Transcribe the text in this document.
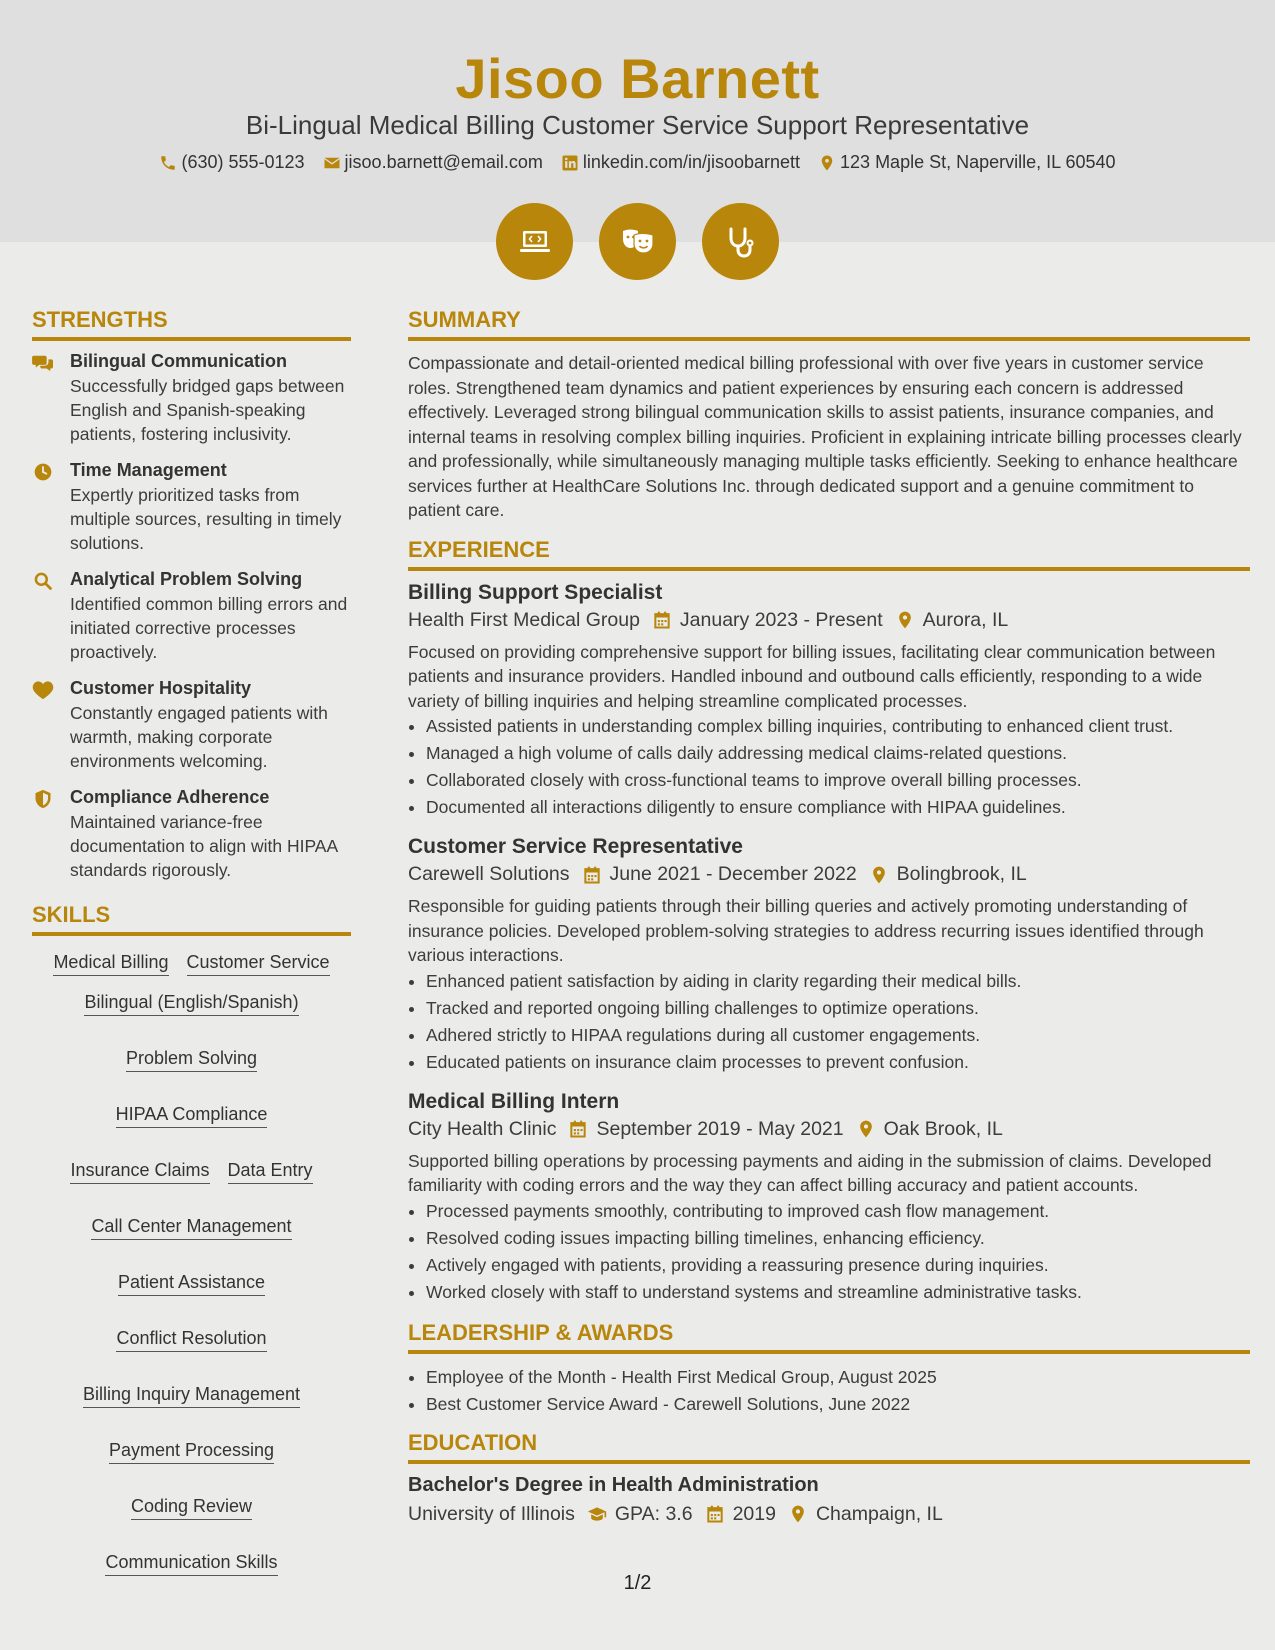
Jisoo Barnett
Bi-Lingual Medical Billing Customer Service Support Representative
(630) 555-0123 jisoo.barnett@email.com linkedin.com/in/jisoobarnett 123 Maple St, Naperville, IL 60540
STRENGTHS
Bilingual Communication
Successfully bridged gaps between English and Spanish-speaking patients, fostering inclusivity.
Time Management
Expertly prioritized tasks from multiple sources, resulting in timely solutions.
Analytical Problem Solving
Identified common billing errors and initiated corrective processes proactively.
Customer Hospitality
Constantly engaged patients with warmth, making corporate environments welcoming.
Compliance Adherence
Maintained variance-free documentation to align with HIPAA standards rigorously.
SKILLS
Medical Billing Customer Service
Bilingual (English/Spanish)
Problem Solving
HIPAA Compliance
Insurance Claims Data Entry
Call Center Management
Patient Assistance
Conflict Resolution
Billing Inquiry Management
Payment Processing
Coding Review
Communication Skills
SUMMARY
Compassionate and detail-oriented medical billing professional with over five years in customer service roles. Strengthened team dynamics and patient experiences by ensuring each concern is addressed effectively. Leveraged strong bilingual communication skills to assist patients, insurance companies, and internal teams in resolving complex billing inquiries. Proficient in explaining intricate billing processes clearly and professionally, while simultaneously managing multiple tasks efficiently. Seeking to enhance healthcare services further at HealthCare Solutions Inc. through dedicated support and a genuine commitment to patient care.
EXPERIENCE
Billing Support Specialist
Health First Medical Group January 2023 - Present Aurora, IL
Focused on providing comprehensive support for billing issues, facilitating clear communication between patients and insurance providers. Handled inbound and outbound calls efficiently, responding to a wide variety of billing inquiries and helping streamline complicated processes.
• Assisted patients in understanding complex billing inquiries, contributing to enhanced client trust.
• Managed a high volume of calls daily addressing medical claims-related questions.
• Collaborated closely with cross-functional teams to improve overall billing processes.
• Documented all interactions diligently to ensure compliance with HIPAA guidelines.
Customer Service Representative
Carewell Solutions June 2021 - December 2022 Bolingbrook, IL
Responsible for guiding patients through their billing queries and actively promoting understanding of insurance policies. Developed problem-solving strategies to address recurring issues identified through various interactions.
• Enhanced patient satisfaction by aiding in clarity regarding their medical bills.
• Tracked and reported ongoing billing challenges to optimize operations.
• Adhered strictly to HIPAA regulations during all customer engagements.
• Educated patients on insurance claim processes to prevent confusion.
Medical Billing Intern
City Health Clinic September 2019 - May 2021 Oak Brook, IL
Supported billing operations by processing payments and aiding in the submission of claims. Developed familiarity with coding errors and the way they can affect billing accuracy and patient accounts.
• Processed payments smoothly, contributing to improved cash flow management.
• Resolved coding issues impacting billing timelines, enhancing efficiency.
• Actively engaged with patients, providing a reassuring presence during inquiries.
• Worked closely with staff to understand systems and streamline administrative tasks.
LEADERSHIP & AWARDS
• Employee of the Month - Health First Medical Group, August 2025
• Best Customer Service Award - Carewell Solutions, June 2022
EDUCATION
Bachelor's Degree in Health Administration
University of Illinois GPA: 3.6 2019 Champaign, IL
1/2
